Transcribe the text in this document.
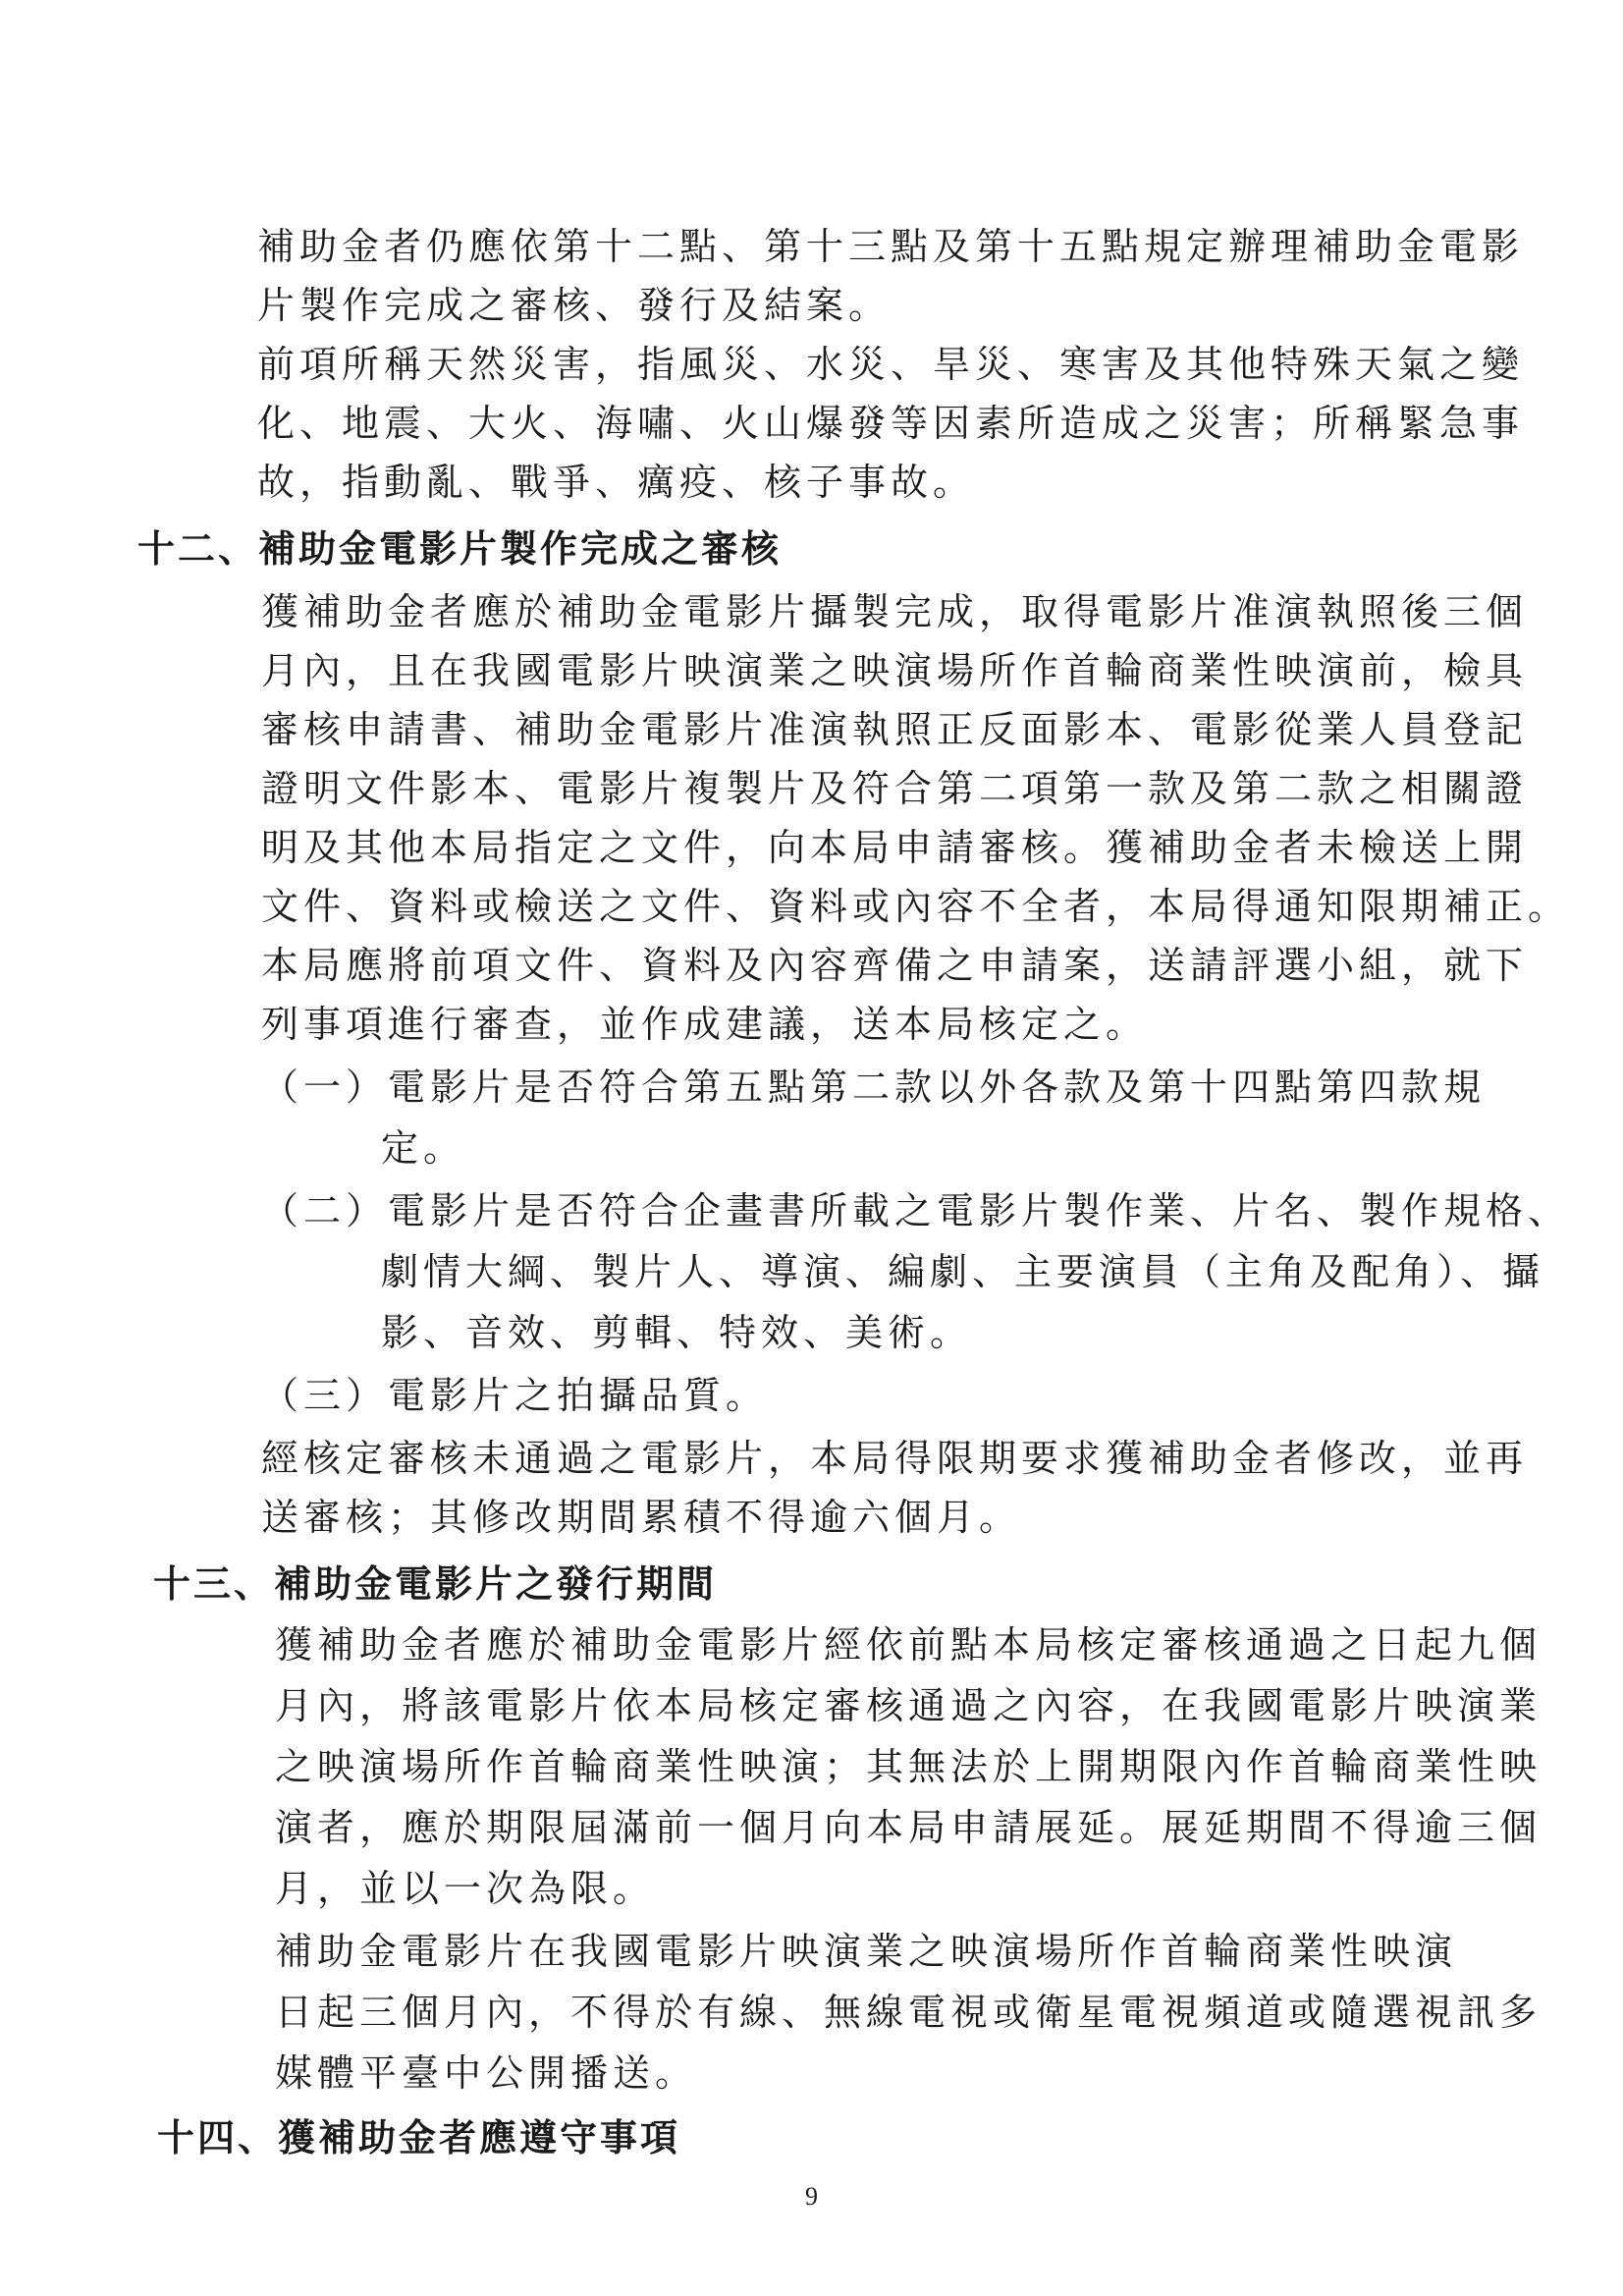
補助金者仍應依第十二點、第十三點及第十五點規定辦理補助金電影
片製作完成之審核、發行及結案。
前項所稱天然災害，指風災、水災、旱災、寒害及其他特殊天氣之變
化、地震、大火、海嘯、火山爆發等因素所造成之災害；所稱緊急事
故，指動亂、戰爭、癘疫、核子事故。
十二、補助金電影片製作完成之審核
獲補助金者應於補助金電影片攝製完成，取得電影片准演執照後三個
月內，且在我國電影片映演業之映演場所作首輪商業性映演前，檢具
審核申請書、補助金電影片准演執照正反面影本、電影從業人員登記
證明文件影本、電影片複製片及符合第二項第一款及第二款之相關證
明及其他本局指定之文件，向本局申請審核。獲補助金者未檢送上開
文件、資料或檢送之文件、資料或內容不全者，本局得通知限期補正。
本局應將前項文件、資料及內容齊備之申請案，送請評選小組，就下
列事項進行審查，並作成建議，送本局核定之。
（一）電影片是否符合第五點第二款以外各款及第十四點第四款規
定。
（二）電影片是否符合企畫書所載之電影片製作業、片名、製作規格、
劇情大綱、製片人、導演、編劇、主要演員（主角及配角）、攝
影、音效、剪輯、特效、美術。
（三）電影片之拍攝品質。
經核定審核未通過之電影片，本局得限期要求獲補助金者修改，並再
送審核；其修改期間累積不得逾六個月。
十三、補助金電影片之發行期間
獲補助金者應於補助金電影片經依前點本局核定審核通過之日起九個
月內，將該電影片依本局核定審核通過之內容，在我國電影片映演業
之映演場所作首輪商業性映演；其無法於上開期限內作首輪商業性映
演者，應於期限屆滿前一個月向本局申請展延。展延期間不得逾三個
月，並以一次為限。
補助金電影片在我國電影片映演業之映演場所作首輪商業性映演
日起三個月內，不得於有線、無線電視或衛星電視頻道或隨選視訊多
媒體平臺中公開播送。
十四、獲補助金者應遵守事項
9
